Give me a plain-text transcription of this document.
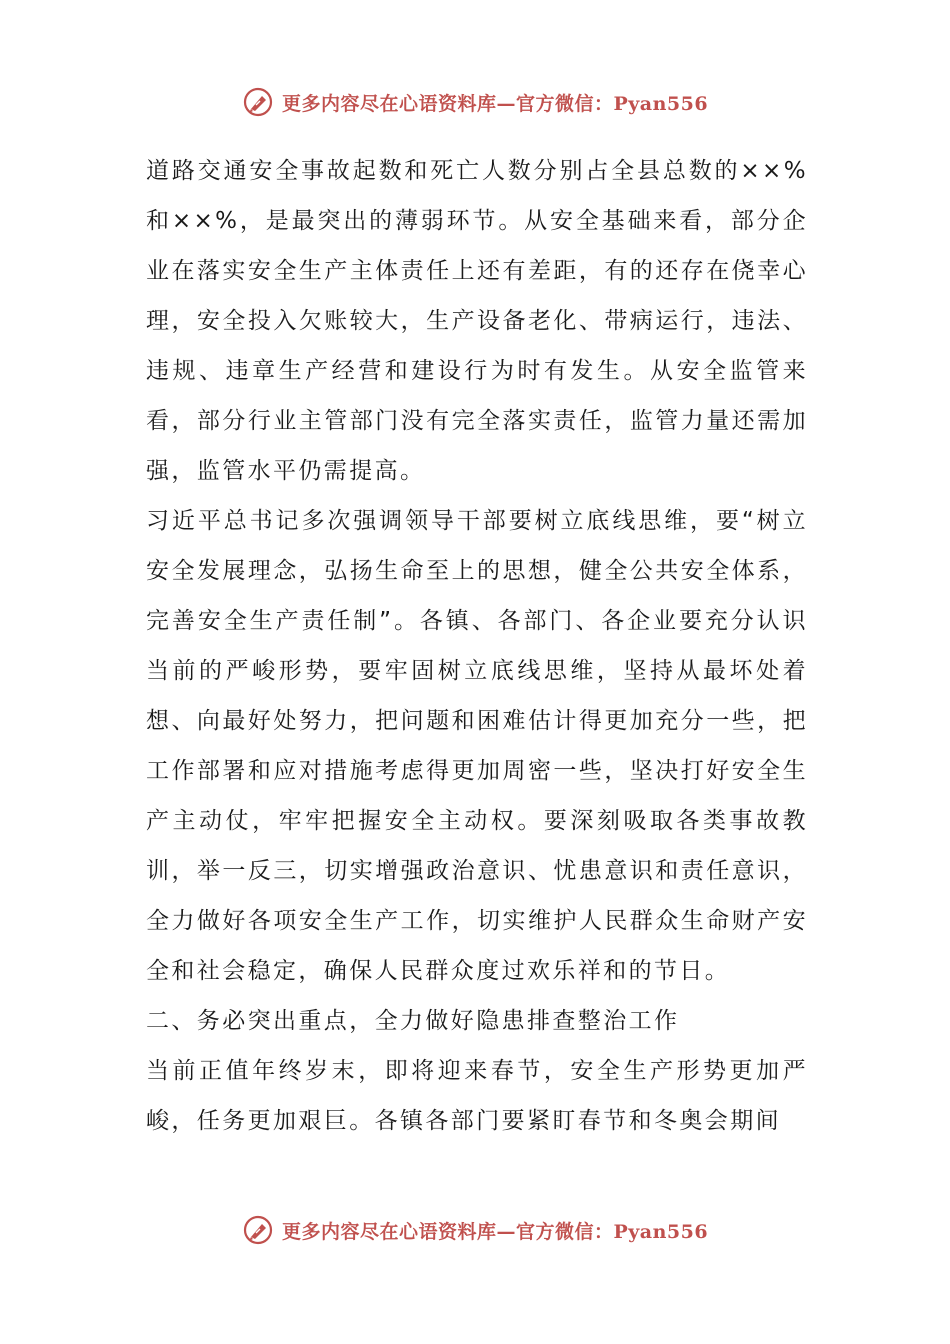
更多内容尽在心语资料库—官方微信：Pyan556

道路交通安全事故起数和死亡人数分别占全县总数的××%和××%，是最突出的薄弱环节。从安全基础来看，部分企业在落实安全生产主体责任上还有差距，有的还存在侥幸心理，安全投入欠账较大，生产设备老化、带病运行，违法、违规、违章生产经营和建设行为时有发生。从安全监管来看，部分行业主管部门没有完全落实责任，监管力量还需加强，监管水平仍需提高。

习近平总书记多次强调领导干部要树立底线思维，要“树立安全发展理念，弘扬生命至上的思想，健全公共安全体系，完善安全生产责任制”。各镇、各部门、各企业要充分认识当前的严峻形势，要牢固树立底线思维，坚持从最坏处着想、向最好处努力，把问题和困难估计得更加充分一些，把工作部署和应对措施考虑得更加周密一些，坚决打好安全生产主动仗，牢牢把握安全主动权。要深刻吸取各类事故教训，举一反三，切实增强政治意识、忧患意识和责任意识，全力做好各项安全生产工作，切实维护人民群众生命财产安全和社会稳定，确保人民群众度过欢乐祥和的节日。

二、务必突出重点，全力做好隐患排查整治工作

当前正值年终岁末，即将迎来春节，安全生产形势更加严峻，任务更加艰巨。各镇各部门要紧盯春节和冬奥会期间

更多内容尽在心语资料库—官方微信：Pyan556
